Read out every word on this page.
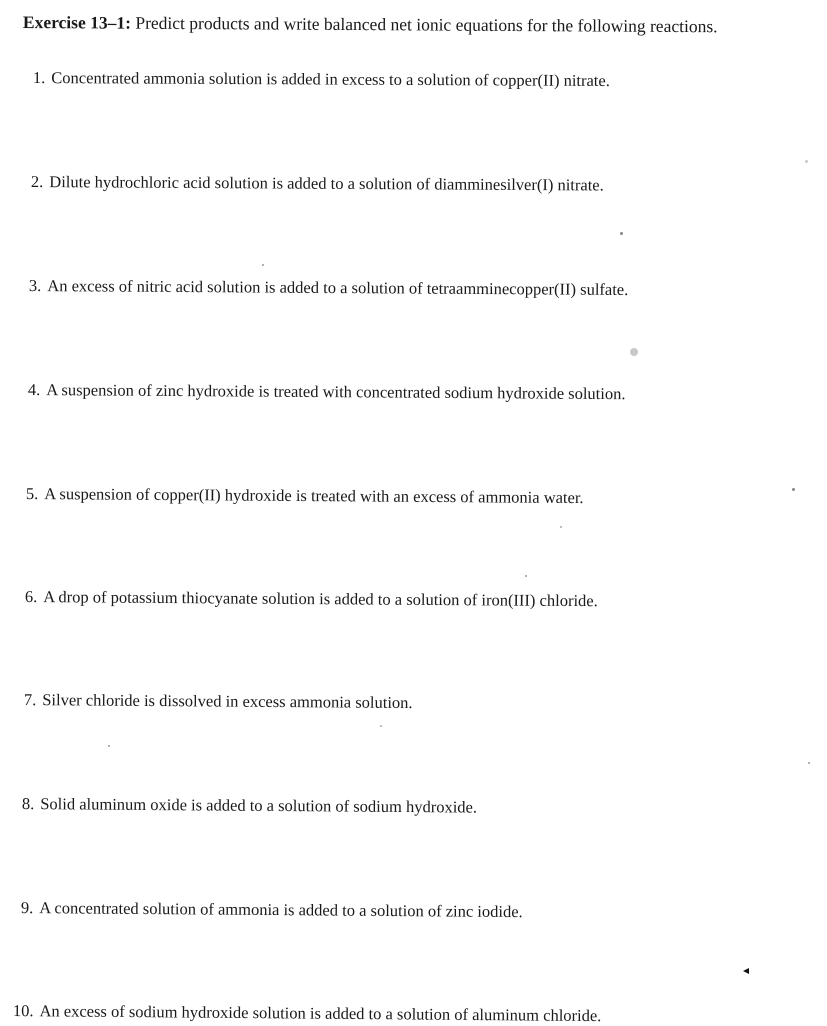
Exercise 13–1: Predict products and write balanced net ionic equations for the following reactions.
1. Concentrated ammonia solution is added in excess to a solution of copper(II) nitrate.
2. Dilute hydrochloric acid solution is added to a solution of diamminesilver(I) nitrate.
3. An excess of nitric acid solution is added to a solution of tetraamminecopper(II) sulfate.
4. A suspension of zinc hydroxide is treated with concentrated sodium hydroxide solution.
5. A suspension of copper(II) hydroxide is treated with an excess of ammonia water.
6. A drop of potassium thiocyanate solution is added to a solution of iron(III) chloride.
7. Silver chloride is dissolved in excess ammonia solution.
8. Solid aluminum oxide is added to a solution of sodium hydroxide.
9. A concentrated solution of ammonia is added to a solution of zinc iodide.
10. An excess of sodium hydroxide solution is added to a solution of aluminum chloride.
